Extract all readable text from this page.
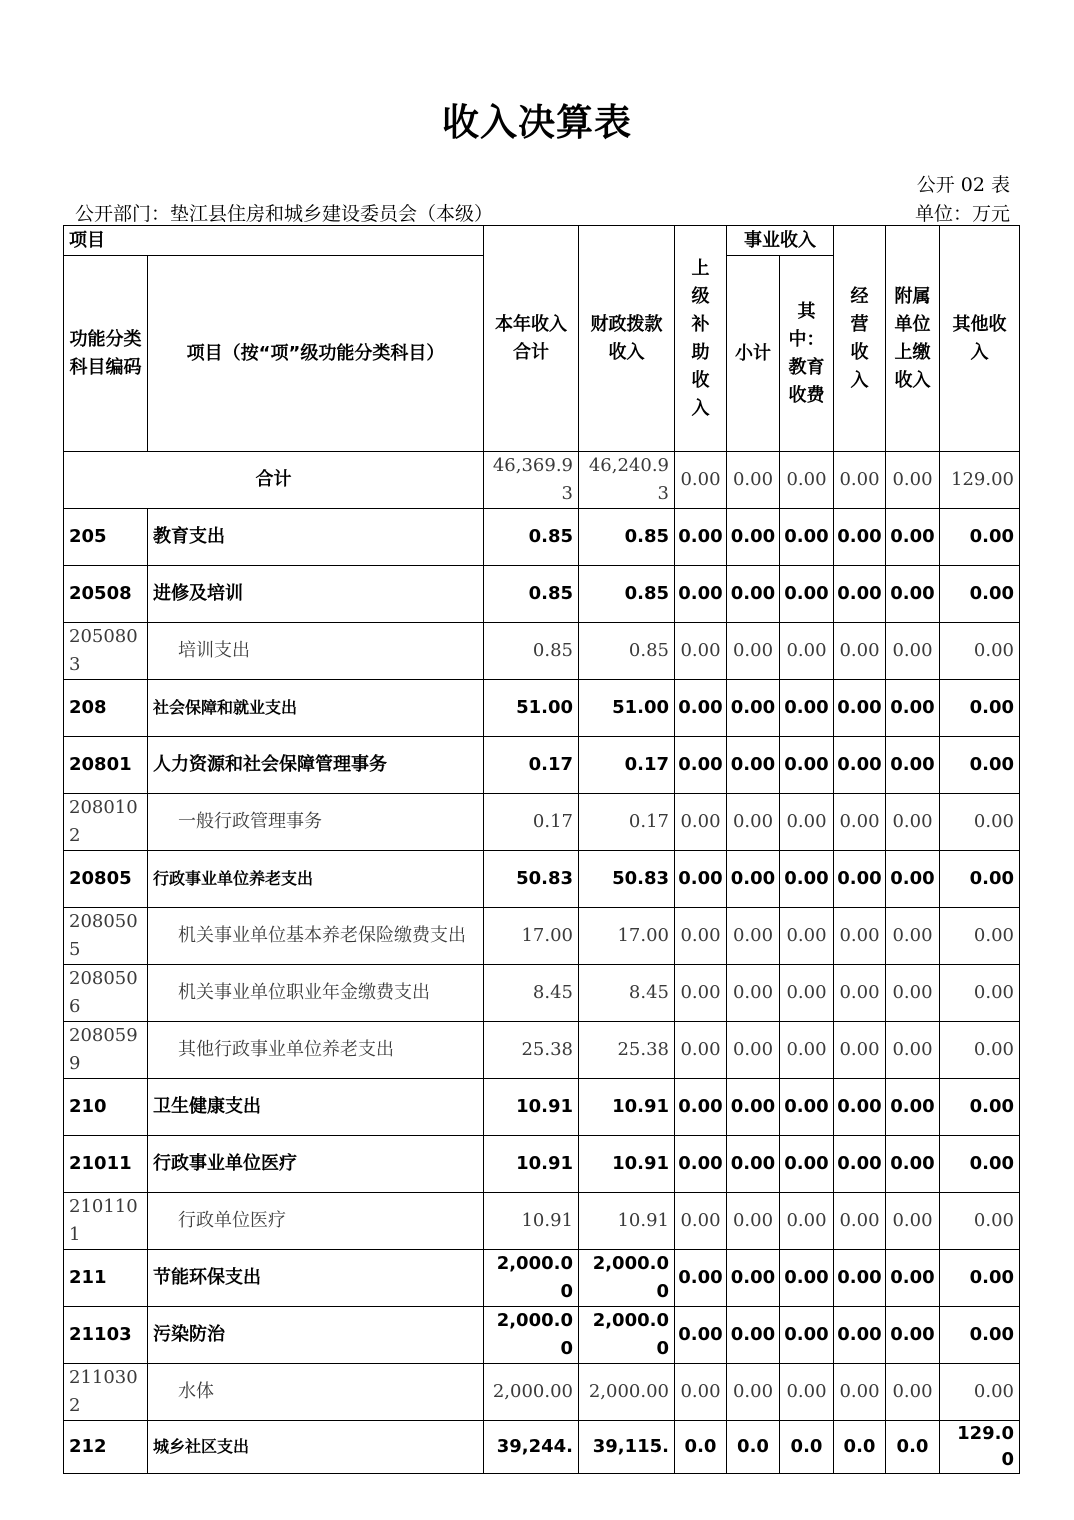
收入决算表
公开 02 表
公开部门：垫江县住房和城乡建设委员会（本级）	单位：万元
项目		本年收入合计	财政拨款收入	上级补助收入	事业收入		经营收入	附属单位上缴收入	其他收入
功能分类科目编码	项目（按“项”级功能分类科目）				小计	其中：教育收费			

合计		46,369.93	46,240.93	0.00	0.00	0.00	0.00	0.00	129.00
205	教育支出	0.85	0.85	0.00	0.00	0.00	0.00	0.00	0.00
20508	进修及培训	0.85	0.85	0.00	0.00	0.00	0.00	0.00	0.00
2050803	培训支出	0.85	0.85	0.00	0.00	0.00	0.00	0.00	0.00
208	社会保障和就业支出	51.00	51.00	0.00	0.00	0.00	0.00	0.00	0.00
20801	人力资源和社会保障管理事务	0.17	0.17	0.00	0.00	0.00	0.00	0.00	0.00
2080102	一般行政管理事务	0.17	0.17	0.00	0.00	0.00	0.00	0.00	0.00
20805	行政事业单位养老支出	50.83	50.83	0.00	0.00	0.00	0.00	0.00	0.00
2080505	机关事业单位基本养老保险缴费支出	17.00	17.00	0.00	0.00	0.00	0.00	0.00	0.00
2080506	机关事业单位职业年金缴费支出	8.45	8.45	0.00	0.00	0.00	0.00	0.00	0.00
2080599	其他行政事业单位养老支出	25.38	25.38	0.00	0.00	0.00	0.00	0.00	0.00
210	卫生健康支出	10.91	10.91	0.00	0.00	0.00	0.00	0.00	0.00
21011	行政事业单位医疗	10.91	10.91	0.00	0.00	0.00	0.00	0.00	0.00
2101101	行政单位医疗	10.91	10.91	0.00	0.00	0.00	0.00	0.00	0.00
211	节能环保支出	2,000.00	2,000.00	0.00	0.00	0.00	0.00	0.00	0.00
21103	污染防治	2,000.00	2,000.00	0.00	0.00	0.00	0.00	0.00	0.00
2110302	水体	2,000.00	2,000.00	0.00	0.00	0.00	0.00	0.00	0.00
212	城乡社区支出	39,244.	39,115.	0.0	0.0	0.0	0.0	0.0	129.00
